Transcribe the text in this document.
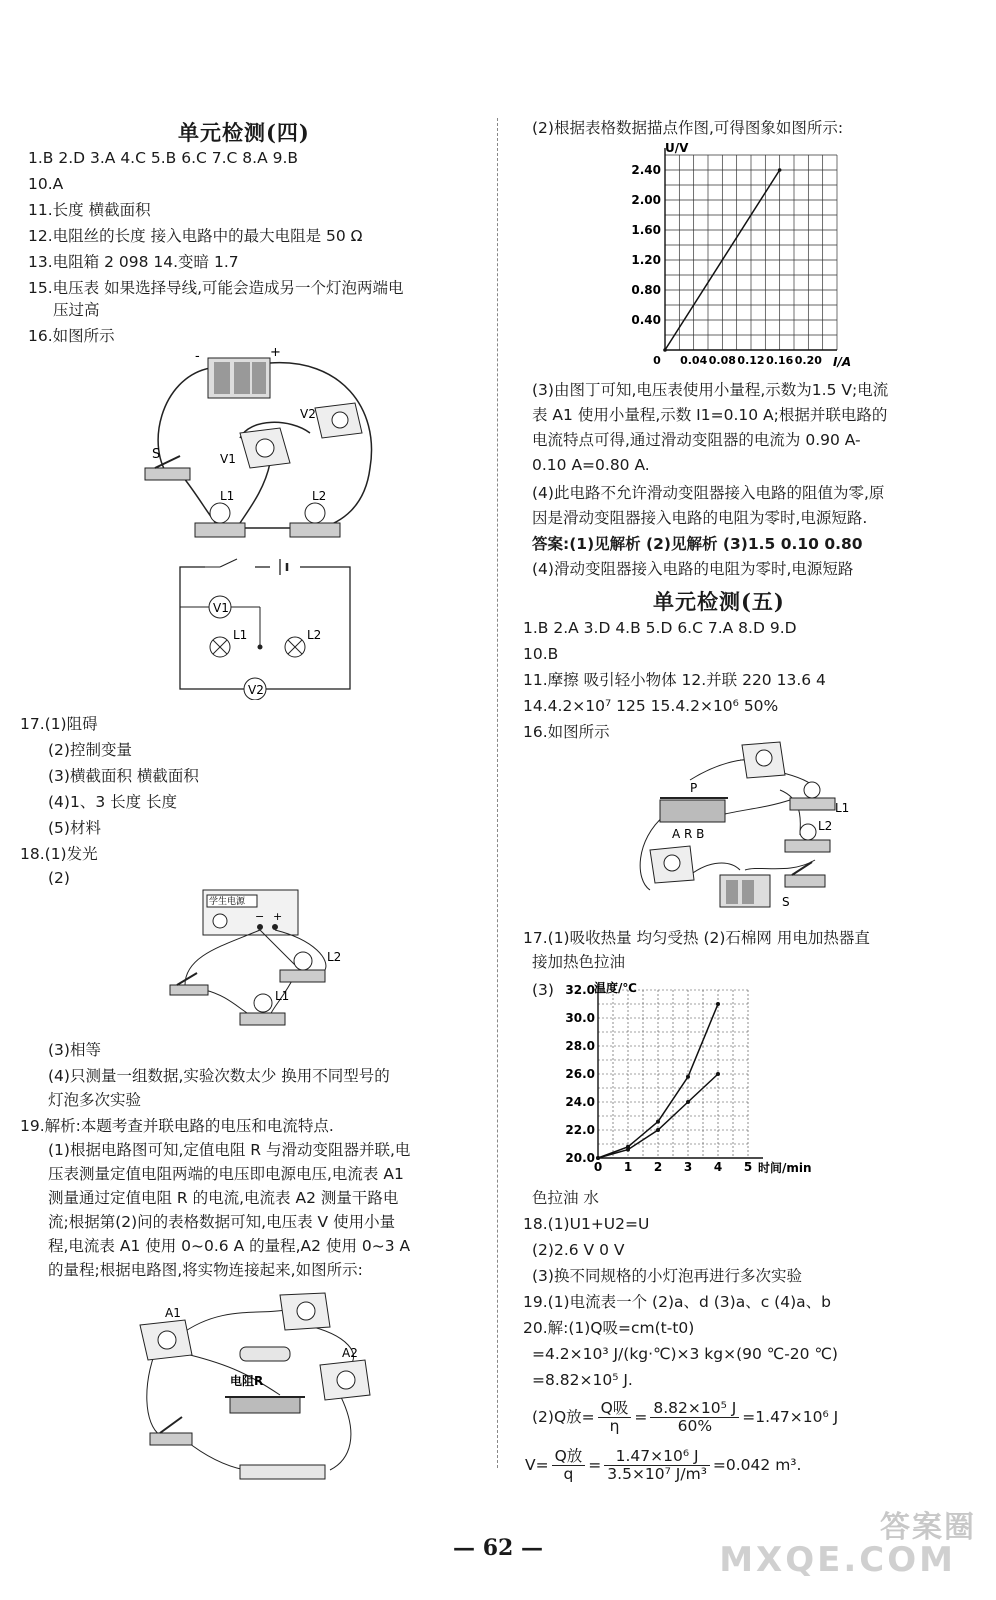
单元检测(四)
1.B 2.D 3.A 4.C 5.B 6.C 7.C 8.A 9.B
10.A
11.长度 横截面积
12.电阻丝的长度 接入电路中的最大电阻是 50 Ω
13.电阻箱 2 098 14.变暗 1.7
15.电压表 如果选择导线,可能会造成另一个灯泡两端电
压过高
16.如图所示
-	+
S	V1
V2
L1	L2
V1
L1	L2
V2
17.(1)阻碍
(2)控制变量
(3)横截面积 横截面积
(4)1、3 长度 长度
(5)材料
18.(1)发光
(2)
− +
学生电源
L2
L1
(3)相等
(4)只测量一组数据,实验次数太少 换用不同型号的
灯泡多次实验
19.解析:本题考查并联电路的电压和电流特点.
(1)根据电路图可知,定值电阻 R 与滑动变阻器并联,电
压表测量定值电阻两端的电压即电源电压,电流表 A1
测量通过定值电阻 R 的电流,电流表 A2 测量干路电
流;根据第(2)问的表格数据可知,电压表 V 使用小量
程,电流表 A1 使用 0~0.6 A 的量程,A2 使用 0~3 A
的量程;根据电路图,将实物连接起来,如图所示:
A1
A2
电阻R
(2)根据表格数据描点作图,可得图象如图所示:
0.40
0.80
1.20
1.60
2.00
2.40
0 0.04 0.08 0.12 0.16 0.20
U/V
I/A
(3)由图丁可知,电压表使用小量程,示数为1.5 V;电流
表 A1 使用小量程,示数 I1=0.10 A;根据并联电路的
电流特点可得,通过滑动变阻器的电流为 0.90 A-
0.10 A=0.80 A.
(4)此电路不允许滑动变阻器接入电路的阻值为零,原
因是滑动变阻器接入电路的电阻为零时,电源短路.
答案:(1)见解析 (2)见解析 (3)1.5 0.10 0.80
(4)滑动变阻器接入电路的电阻为零时,电源短路
单元检测(五)
1.B 2.A 3.D 4.B 5.D 6.C 7.A 8.D 9.D
10.B
11.摩擦 吸引轻小物体 12.并联 220 13.6 4
14.4.2×10⁷ 125 15.4.2×10⁶ 50%
16.如图所示
P
A R B
L1
L2
S
17.(1)吸收热量 均匀受热 (2)石棉网 用电加热器直
接加热色拉油
(3)
20.0
22.0
24.0
26.0
28.0
30.0
32.0
0 1 2 3 4 5
温度/℃
时间/min
色拉油 水
18.(1)U1+U2=U
(2)2.6 V 0 V
(3)换不同规格的小灯泡再进行多次实验
19.(1)电流表一个 (2)a、d (3)a、c (4)a、b
20.解:(1)Q吸=cm(t-t0)
=4.2×10³ J/(kg·℃)×3 kg×(90 ℃-20 ℃)
=8.82×10⁵ J.
(2)Q放= $\frac{\text{Q吸}}{\eta} = \frac{\text{8.82×10⁵ J}}{60\%} =1.47\times 10^6$ J
$V= \frac{\text{Q放}}{q} = \frac{\text{1.47×10⁶ J}}{\text{3.5×10⁷ J/m³}} =0.042$ m³.
— 62 —
答案圈
MXQE.COM
